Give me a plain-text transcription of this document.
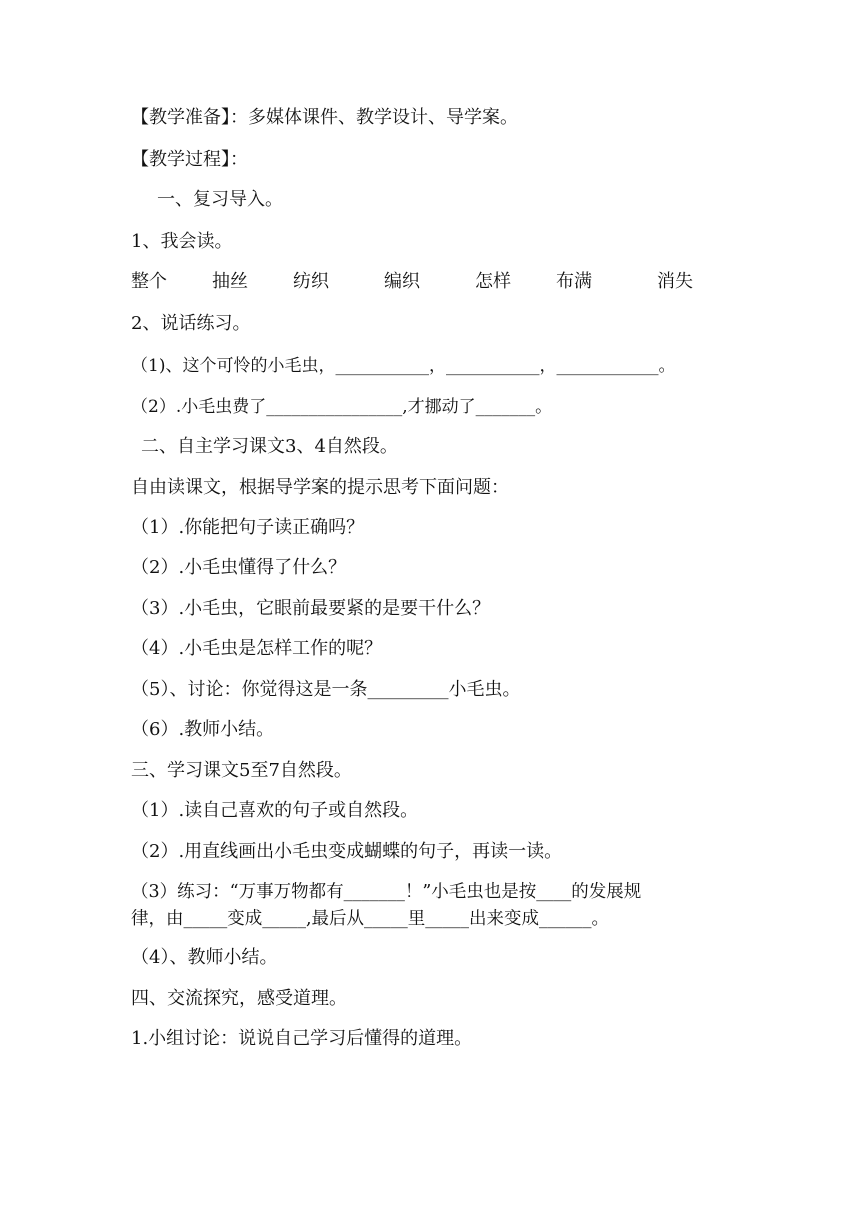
【教学准备】：多媒体课件、教学设计、导学案。
【教学过程】：
一、复习导入。
1、我会读。
整个	抽丝	纺织	编织	怎样	布满	消失
2、说话练习。
（1)、这个可怜的小毛虫，___________，___________，____________。
（2）.小毛虫费了________________,才挪动了_______。
二、自主学习课文3、4自然段。
自由读课文，根据导学案的提示思考下面问题：
（1）.你能把句子读正确吗？
（2）.小毛虫懂得了什么？
（3）.小毛虫，它眼前最要紧的是要干什么？
（4）.小毛虫是怎样工作的呢？
（5）、讨论：你觉得这是一条_________小毛虫。
（6）.教师小结。
三、学习课文5至7自然段。
（1）.读自己喜欢的句子或自然段。
（2）.用直线画出小毛虫变成蝴蝶的句子，再读一读。
（3）练习：“万事万物都有_______！”小毛虫也是按____的发展规
律，由_____变成_____,最后从_____里_____出来变成______。
（4）、教师小结。
四、交流探究，感受道理。
1.小组讨论：说说自己学习后懂得的道理。
